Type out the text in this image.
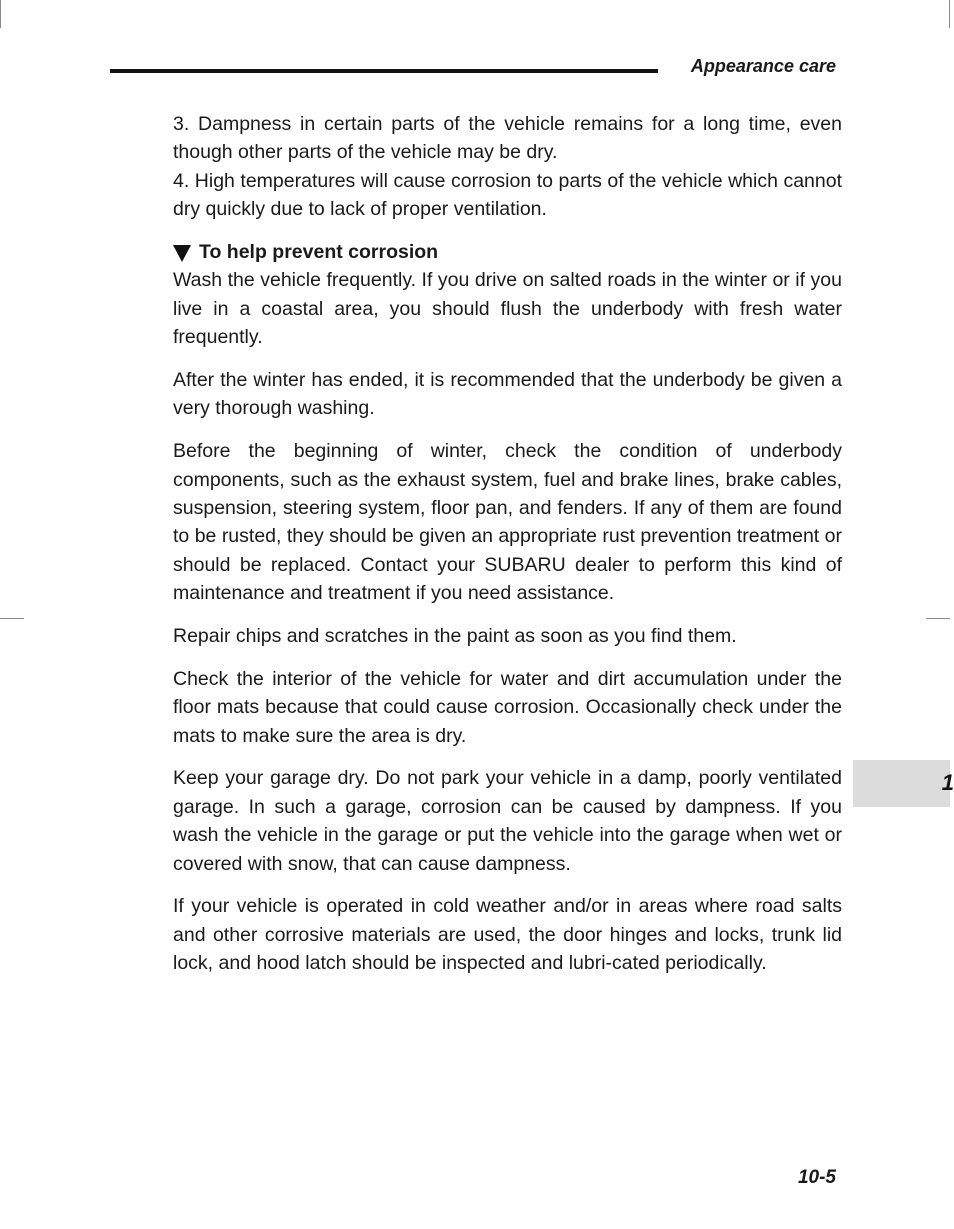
Appearance care

3. Dampness in certain parts of the vehicle remains for a long time, even though other parts of the vehicle may be dry.

4. High temperatures will cause corrosion to parts of the vehicle which cannot dry quickly due to lack of proper ventilation.

To help prevent corrosion

Wash the vehicle frequently. If you drive on salted roads in the winter or if you live in a coastal area, you should flush the underbody with fresh water frequently.

After the winter has ended, it is recommended that the underbody be given a very thorough washing.

Before the beginning of winter, check the condition of underbody components, such as the exhaust system, fuel and brake lines, brake cables, suspension, steering system, floor pan, and fenders. If any of them are found to be rusted, they should be given an appropriate rust prevention treatment or should be replaced. Contact your SUBARU dealer to perform this kind of maintenance and treatment if you need assistance.

Repair chips and scratches in the paint as soon as you find them.

Check the interior of the vehicle for water and dirt accumulation under the floor mats because that could cause corrosion. Occasionally check under the mats to make sure the area is dry.

Keep your garage dry. Do not park your vehicle in a damp, poorly ventilated garage. In such a garage, corrosion can be caused by dampness. If you wash the vehicle in the garage or put the vehicle into the garage when wet or covered with snow, that can cause dampness.

If your vehicle is operated in cold weather and/or in areas where road salts and other corrosive materials are used, the door hinges and locks, trunk lid lock, and hood latch should be inspected and lubri-cated periodically.

1
10-5
